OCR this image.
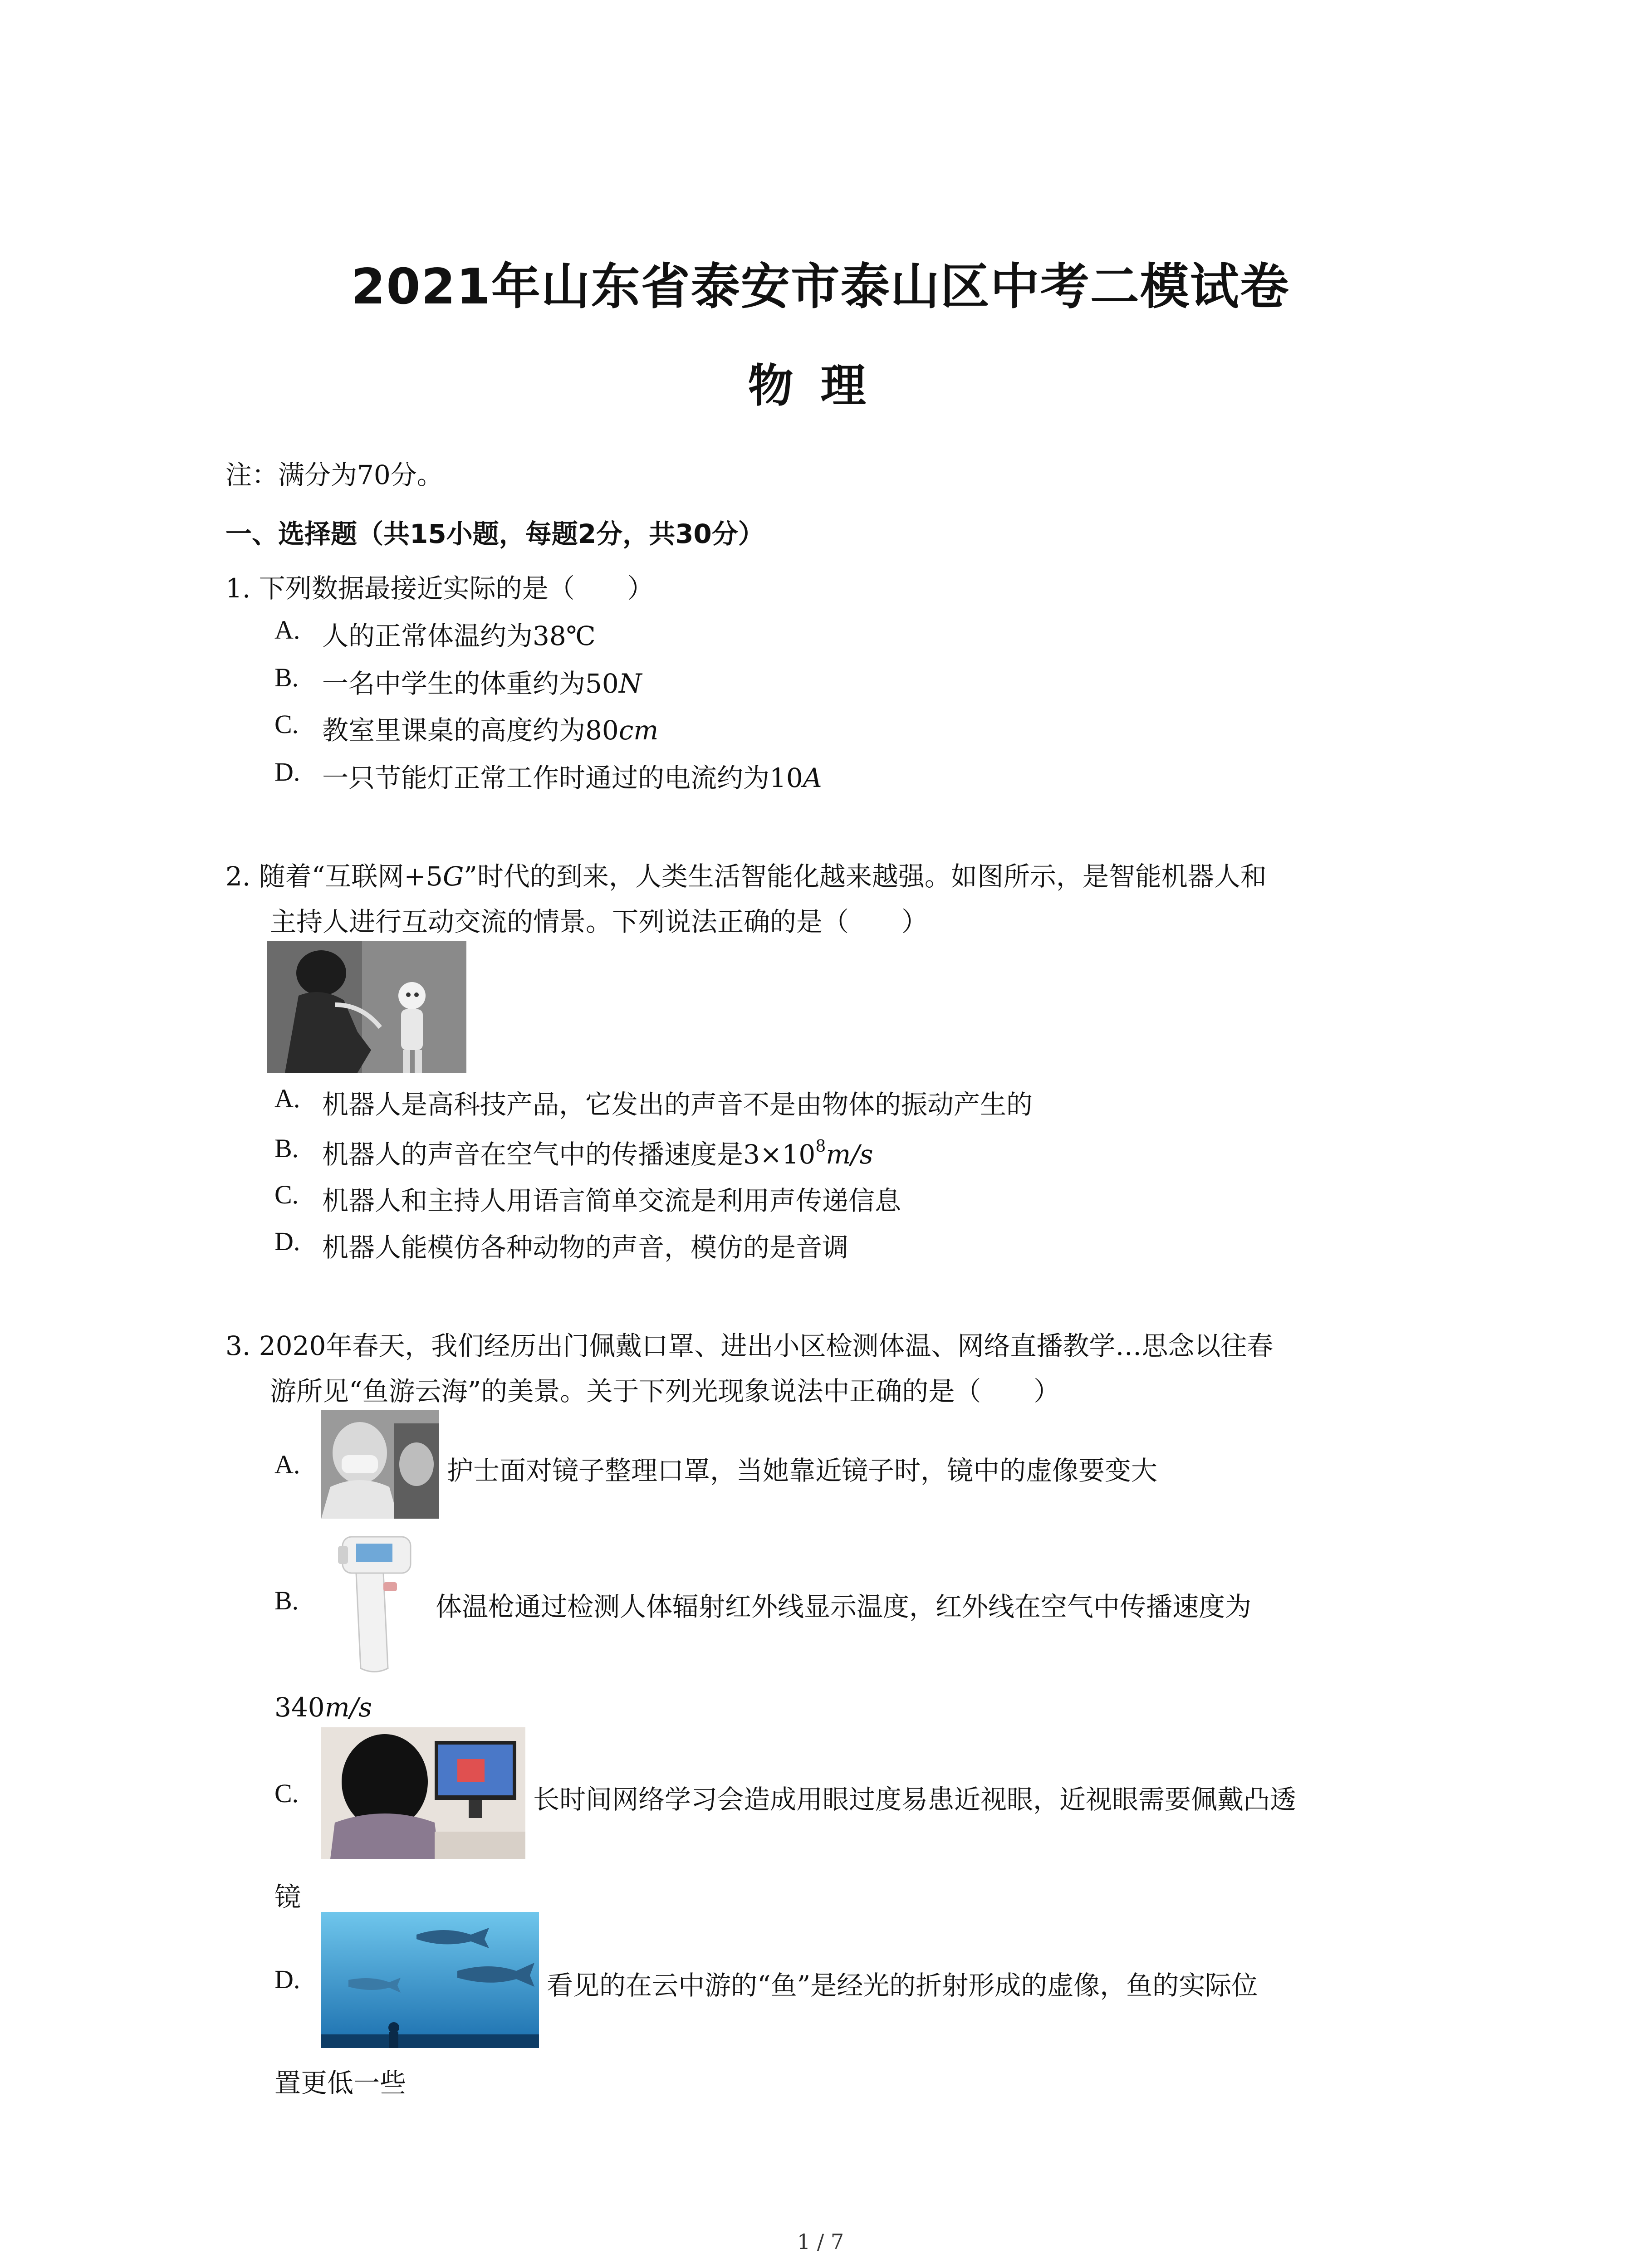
2021年山东省泰安市泰山区中考二模试卷
物理
注：满分为70分。
一、选择题（共15小题，每题2分，共30分）
1. 下列数据最接近实际的是（　　）
A. 人的正常体温约为38℃
B. 一名中学生的体重约为50N
C. 教室里课桌的高度约为80cm
D. 一只节能灯正常工作时通过的电流约为10A
2. 随着“互联网+5G”时代的到来，人类生活智能化越来越强。如图所示，是智能机器人和
主持人进行互动交流的情景。下列说法正确的是（　　）
A. 机器人是高科技产品，它发出的声音不是由物体的振动产生的
B. 机器人的声音在空气中的传播速度是$3\times 10^8m/s$
C. 机器人和主持人用语言简单交流是利用声传递信息
D. 机器人能模仿各种动物的声音，模仿的是音调
3. 2020年春天，我们经历出门佩戴口罩、进出小区检测体温、网络直播教学…思念以往春
游所见“鱼游云海”的美景。关于下列光现象说法中正确的是（　　）
A.	护士面对镜子整理口罩，当她靠近镜子时，镜中的虚像要变大
B.	体温枪通过检测人体辐射红外线显示温度，红外线在空气中传播速度为
340m/s
C.	长时间网络学习会造成用眼过度易患近视眼，近视眼需要佩戴凸透
镜
D.	看见的在云中游的“鱼”是经光的折射形成的虚像，鱼的实际位
置更低一些
1 / 7
